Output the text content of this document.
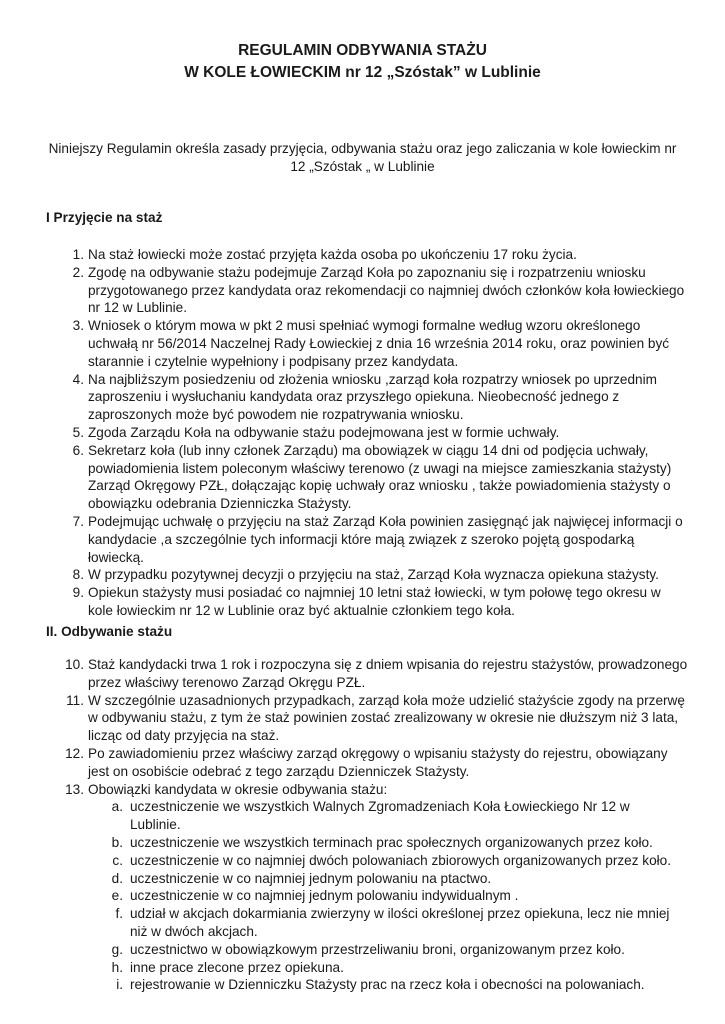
REGULAMIN ODBYWANIA STAŻU
W KOLE ŁOWIECKIM nr 12 „Szóstak” w Lublinie
Niniejszy Regulamin określa zasady przyjęcia, odbywania stażu oraz jego zaliczania w kole łowieckim nr 12 „Szóstak „ w Lublinie
I Przyjęcie na staż
1. Na staż łowiecki może zostać przyjęta każda osoba po ukończeniu 17 roku życia.
2. Zgodę na odbywanie stażu podejmuje Zarząd Koła po zapoznaniu się i rozpatrzeniu wniosku przygotowanego przez kandydata oraz rekomendacji co najmniej dwóch członków koła łowieckiego nr 12 w Lublinie.
3. Wniosek o którym mowa w pkt 2 musi spełniać wymogi formalne według wzoru określonego uchwałą nr 56/2014 Naczelnej Rady Łowieckiej z dnia 16 września 2014 roku, oraz powinien być starannie i czytelnie wypełniony i podpisany przez kandydata.
4. Na najbliższym posiedzeniu od złożenia wniosku ,zarząd koła rozpatrzy wniosek po uprzednim zaproszeniu i wysłuchaniu kandydata oraz przyszłego opiekuna. Nieobecność jednego z zaproszonych może być powodem nie rozpatrywania wniosku.
5. Zgoda Zarządu Koła na odbywanie stażu podejmowana jest w formie uchwały.
6. Sekretarz koła (lub inny członek Zarządu) ma obowiązek w ciągu 14 dni od podjęcia uchwały, powiadomienia listem poleconym właściwy terenowo (z uwagi na miejsce zamieszkania stażysty) Zarząd Okręgowy PZŁ, dołączając kopię uchwały oraz wniosku , także powiadomienia stażysty o obowiązku odebrania Dzienniczka Stażysty.
7. Podejmując uchwałę o przyjęciu na staż Zarząd Koła powinien zasięgnąć jak najwięcej informacji o kandydacie ,a szczególnie tych informacji które mają związek z szeroko pojętą gospodarką łowiecką.
8. W przypadku pozytywnej decyzji o przyjęciu na staż, Zarząd Koła wyznacza opiekuna stażysty.
9. Opiekun stażysty musi posiadać co najmniej 10 letni staż łowiecki, w tym połowę tego okresu w kole łowieckim nr 12 w Lublinie oraz być aktualnie członkiem tego koła.
II. Odbywanie stażu
10. Staż kandydacki trwa 1 rok i rozpoczyna się z dniem wpisania do rejestru stażystów, prowadzonego przez właściwy terenowo Zarząd Okręgu PZŁ.
11. W szczególnie uzasadnionych przypadkach, zarząd koła może udzielić stażyście zgody na przerwę w odbywaniu stażu, z tym że staż powinien zostać zrealizowany w okresie nie dłuższym niż 3 lata, licząc od daty przyjęcia na staż.
12. Po zawiadomieniu przez właściwy zarząd okręgowy o wpisaniu stażysty do rejestru, obowiązany jest on osobiście odebrać z tego zarządu Dzienniczek Stażysty.
13. Obowiązki kandydata w okresie odbywania stażu:
a. uczestniczenie we wszystkich Walnych Zgromadzeniach Koła Łowieckiego Nr 12 w Lublinie.
b. uczestniczenie we wszystkich terminach prac społecznych organizowanych przez koło.
c. uczestniczenie w co najmniej dwóch polowaniach zbiorowych organizowanych przez koło.
d. uczestniczenie w co najmniej jednym polowaniu na ptactwo.
e. uczestniczenie w co najmniej jednym polowaniu indywidualnym .
f. udział w akcjach dokarmiania zwierzyny w ilości określonej przez opiekuna, lecz nie mniej niż w dwóch akcjach.
g. uczestnictwo w obowiązkowym przestrzeliwaniu broni, organizowanym przez koło.
h. inne prace zlecone przez opiekuna.
i. rejestrowanie w Dzienniczku Stażysty prac na rzecz koła i obecności na polowaniach.
